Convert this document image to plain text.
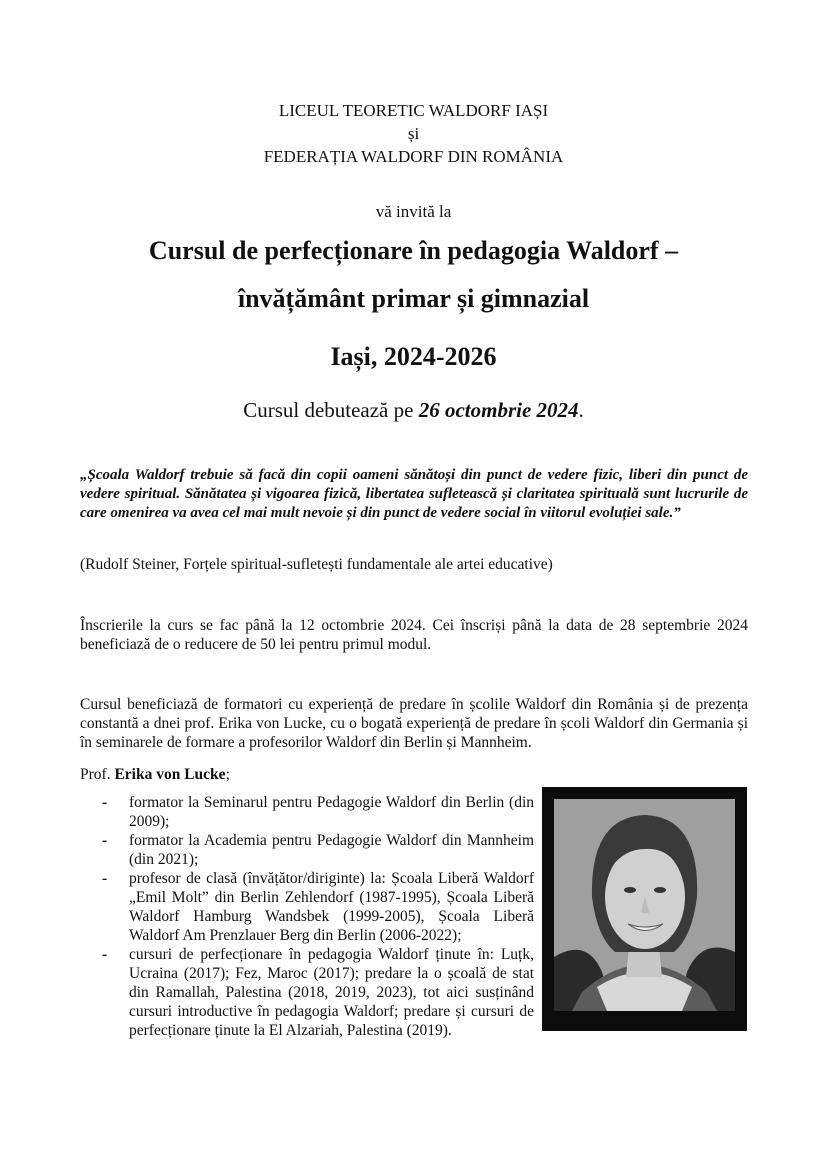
LICEUL TEORETIC WALDORF IAȘI
și
FEDERAȚIA WALDORF DIN ROMÂNIA
vă invită la
Cursul de perfecționare în pedagogia Waldorf –
învățământ primar și gimnazial
Iași, 2024-2026
Cursul debutează pe 26 octombrie 2024.
„Școala Waldorf trebuie să facă din copii oameni sănătoși din punct de vedere fizic, liberi din punct de vedere spiritual. Sănătatea și vigoarea fizică, libertatea sufletească și claritatea spirituală sunt lucrurile de care omenirea va avea cel mai mult nevoie și din punct de vedere social în viitorul evoluției sale.”
(Rudolf Steiner, Forțele spiritual-sufletești fundamentale ale artei educative)
Înscrierile la curs se fac până la 12 octombrie 2024. Cei înscriși până la data de 28 septembrie 2024 beneficiază de o reducere de 50 lei pentru primul modul.
Cursul beneficiază de formatori cu experiență de predare în școlile Waldorf din România și de prezența constantă a dnei prof. Erika von Lucke, cu o bogată experiență de predare în școli Waldorf din Germania și în seminarele de formare a profesorilor Waldorf din Berlin și Mannheim.
Prof. Erika von Lucke;
- formator la Seminarul pentru Pedagogie Waldorf din Berlin (din 2009);
- formator la Academia pentru Pedagogie Waldorf din Mannheim (din 2021);
- profesor de clasă (învățător/diriginte) la: Școala Liberă Waldorf „Emil Molt” din Berlin Zehlendorf (1987-1995), Școala Liberă Waldorf Hamburg Wandsbek (1999-2005), Școala Liberă Waldorf Am Prenzlauer Berg din Berlin (2006-2022);
- cursuri de perfecționare în pedagogia Waldorf ținute în: Luțk, Ucraina (2017); Fez, Maroc (2017); predare la o școală de stat din Ramallah, Palestina (2018, 2019, 2023), tot aici susținând cursuri introductive în pedagogia Waldorf; predare și cursuri de perfecționare ținute la El Alzariah, Palestina (2019).
